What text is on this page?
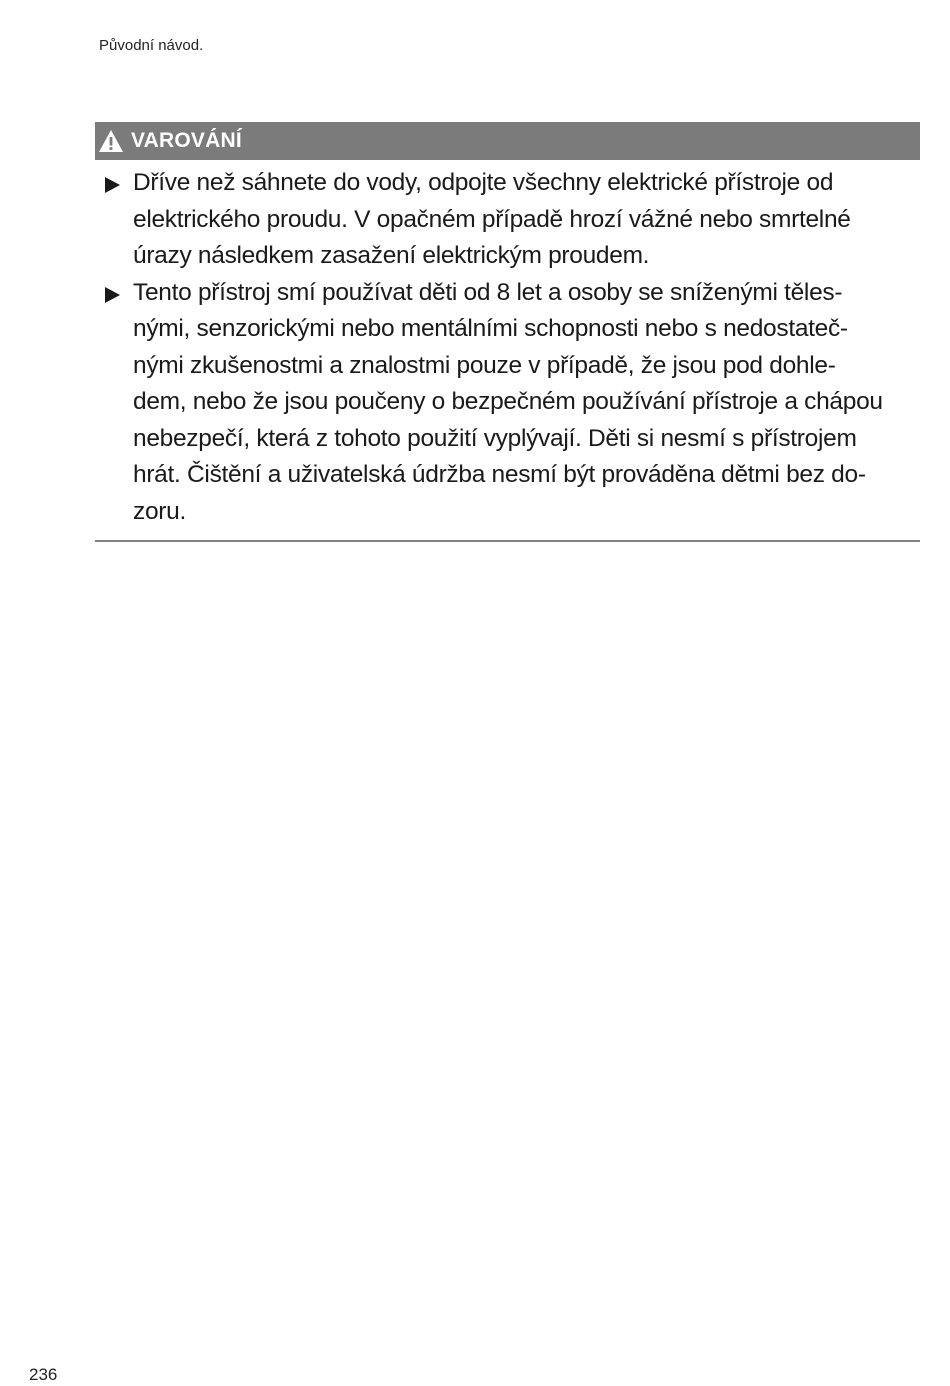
Původní návod.
VAROVÁNÍ
Dříve než sáhnete do vody, odpojte všechny elektrické přístroje od
elektrického proudu. V opačném případě hrozí vážné nebo smrtelné
úrazy následkem zasažení elektrickým proudem.
Tento přístroj smí používat děti od 8 let a osoby se sníženými těles-
nými, senzorickými nebo mentálními schopnosti nebo s nedostateč-
nými zkušenostmi a znalostmi pouze v případě, že jsou pod dohle-
dem, nebo že jsou poučeny o bezpečném používání přístroje a chápou
nebezpečí, která z tohoto použití vyplývají. Děti si nesmí s přístrojem
hrát. Čištění a uživatelská údržba nesmí být prováděna dětmi bez do-
zoru.
236
